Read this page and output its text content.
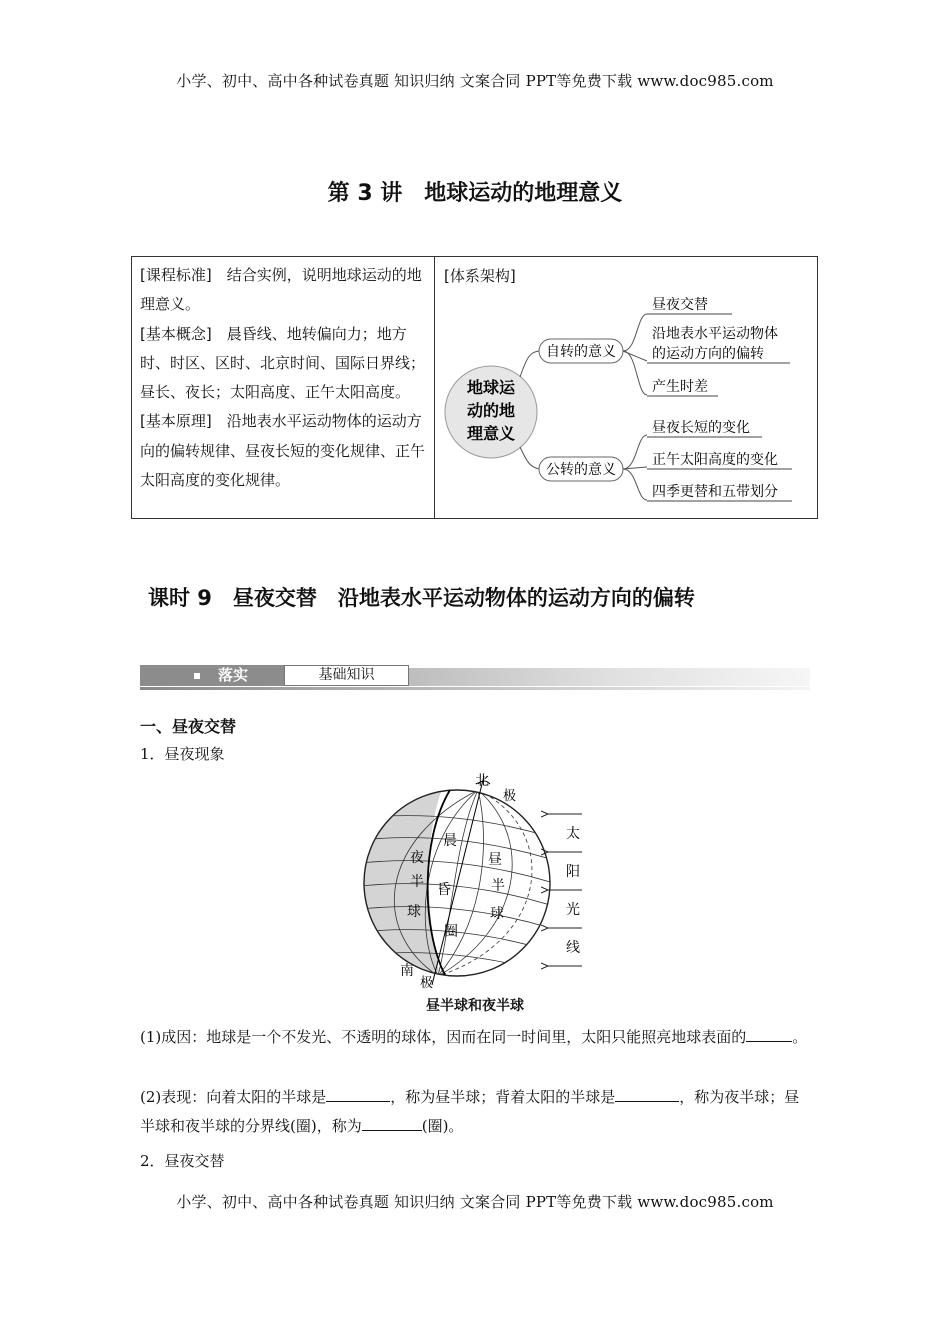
小学、初中、高中各种试卷真题 知识归纳 文案合同 PPT等免费下载 www.doc985.com
第 3 讲　地球运动的地理意义

[课程标准]　 结合实例，说明地球运动的地理意义。

[基本概念]　 晨昏线、地转偏向力；地方时、时区、区时、北京时间、国际日界线；昼长、夜长；太阳高度、正午太阳高度。

[基本原理]　 沿地表水平运动物体的运动方向的偏转规律、昼夜长短的变化规律、正午太阳高度的变化规律。

[体系架构]
地球运
动的地
理意义
自转的意义
昼夜交替
沿地表水平运动物体
的运动方向的偏转
产生时差
公转的意义
昼夜长短的变化
正午太阳高度的变化
四季更替和五带划分
课时 9　昼夜交替　沿地表水平运动物体的运动方向的偏转
落实	基础知识
一、昼夜交替
1．昼夜现象
北
极
南
极
夜
半
球
晨
昏
圈
昼
半
球
太
阳
光
线
昼半球和夜半球
(1)成因：地球是一个不发光、不透明的球体，因而在同一时间里，太阳只能照亮地球表面的	。
(2)表现：向着太阳的半球是	，称为昼半球；背着太阳的半球是	，称为夜半球；昼半球和夜半球的分界线(圈)，称为	(圈)。
2．昼夜交替
小学、初中、高中各种试卷真题 知识归纳 文案合同 PPT等免费下载 www.doc985.com
